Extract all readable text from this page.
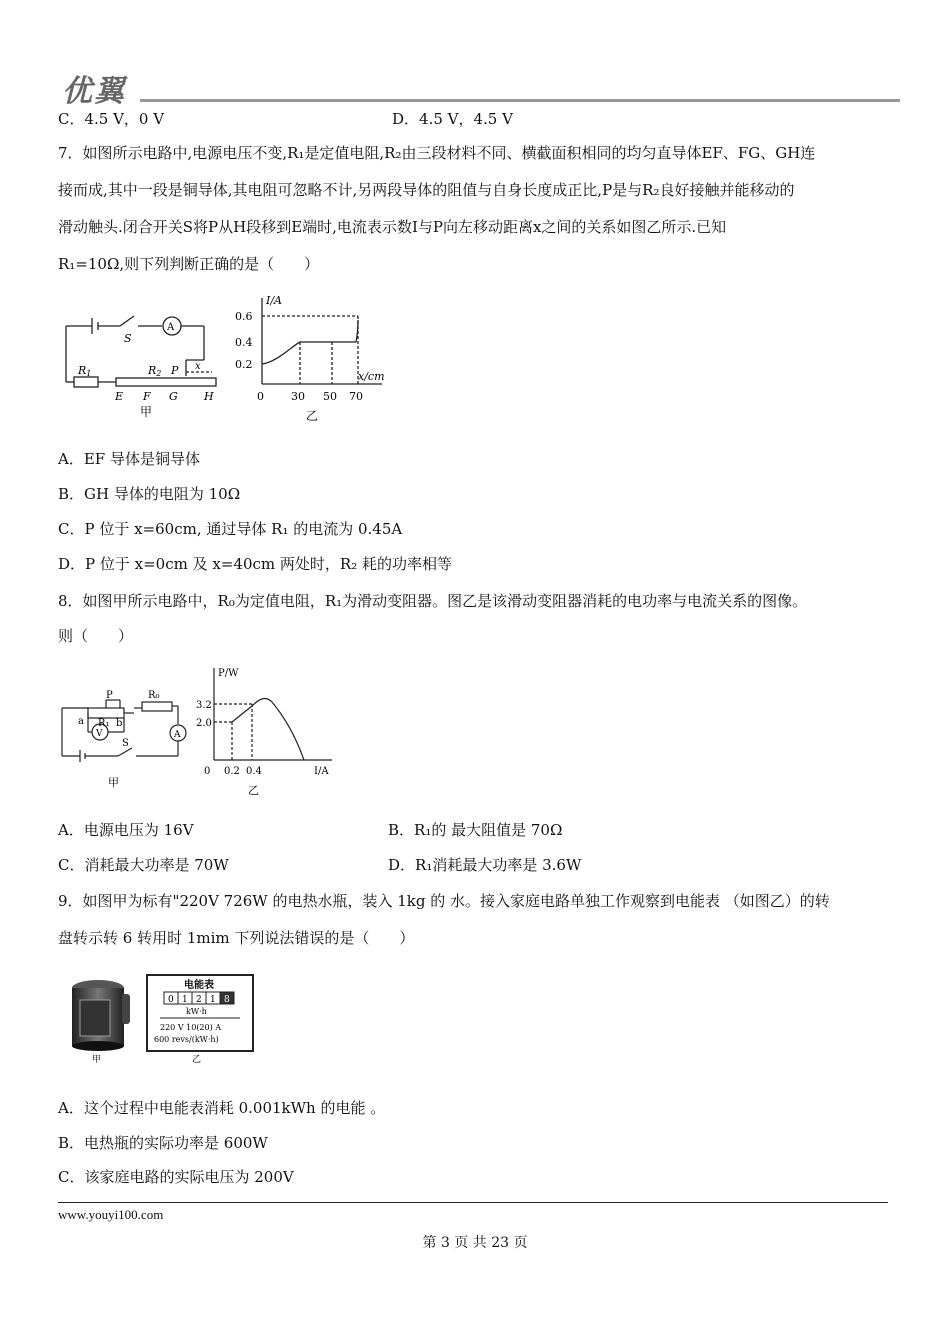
优翼
C．4.5 V，0 V	D．4.5 V，4.5 V
7．如图所示电路中,电源电压不变,R₁是定值电阻,R₂由三段材料不同、横截面积相同的均匀直导体EF、FG、GH连
接而成,其中一段是铜导体,其电阻可忽略不计,另两段导体的阻值与自身长度成正比,P是与R₂良好接触并能移动的
滑动触头.闭合开关S将P从H段移到E端时,电流表示数I与P向左移动距离x之间的关系如图乙所示.已知
R₁=10Ω,则下列判断正确的是（　　）
S
A
R1	R2 P x
E F G H
甲
I/A
x/cm
0.6
0.4
0.2
0 30 50 70
乙
A．EF 导体是铜导体
B．GH 导体的电阻为 10Ω
C．P 位于 x=60cm, 通过导体 R₁ 的电流为 0.45A
D．P 位于 x=0cm 及 x=40cm 两处时，R₂ 耗的功率相等
8．如图甲所示电路中，R₀为定值电阻，R₁为滑动变阻器。图乙是该滑动变阻器消耗的电功率与电流关系的图像。
则（　　）
P	R₀
a R₁ b
V	A
S
甲
P/W
I/A
3.2
2.0
0 0.2 0.4
乙
A．电源电压为 16V	B．R₁的 最大阻值是 70Ω
C．消耗最大功率是 70W	D．R₁消耗最大功率是 3.6W
9．如图甲为标有"220V 726W 的电热水瓶，装入 1kg 的 水。接入家庭电路单独工作观察到电能表 （如图乙）的转
盘转示转 6 转用时 1mim 下列说法错误的是（　　）
甲
电能表
0 1 2 1 8
kW·h
220 V 10(20) A
600 revs/(kW·h)
乙
A．这个过程中电能表消耗 0.001kWh 的电能 。
B．电热瓶的实际功率是 600W
C．该家庭电路的实际电压为 200V
www.youyi100.com
第 3 页 共 23 页
